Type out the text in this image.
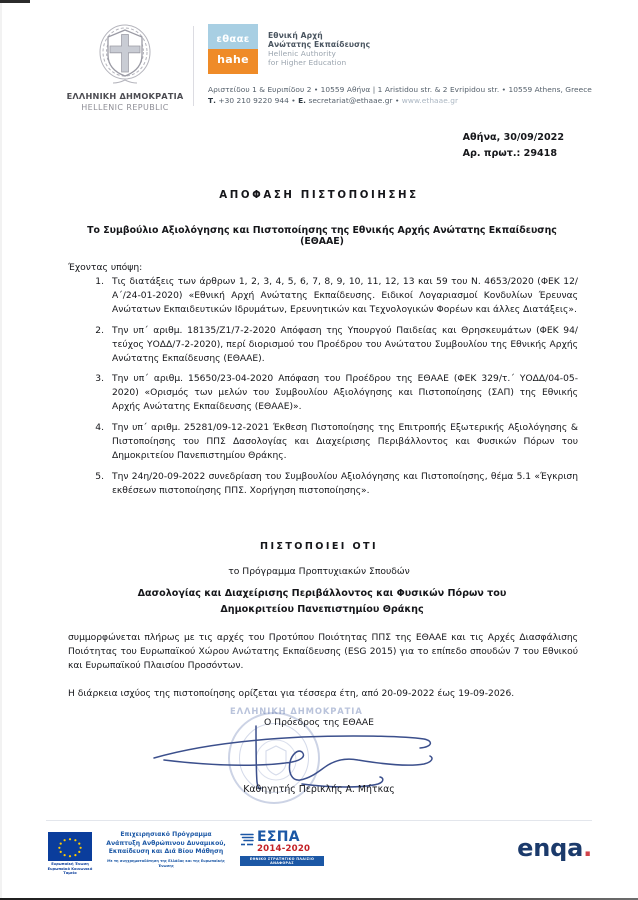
ΕΛΛΗΝΙΚΗ ΔΗΜΟΚΡΑΤΙΑ
HELLENIC REPUBLIC
εθααε
hahe
Εθνική Αρχή
Ανώτατης Εκπαίδευσης
Hellenic Authority
for Higher Education
Αριστείδου 1 & Ευριπίδου 2 • 10559 Αθήνα | 1 Aristidou str. & 2 Evripidou str. • 10559 Athens, Greece
Τ. +30 210 9220 944 • E. secretariat@ethaae.gr • www.ethaae.gr
Αθήνα, 30/09/2022
Αρ. πρωτ.: 29418
ΑΠΟΦΑΣΗ ΠΙΣΤΟΠΟΙΗΣΗΣ
Το Συμβούλιο Αξιολόγησης και Πιστοποίησης της Εθνικής Αρχής Ανώτατης Εκπαίδευσης (ΕΘΑΑΕ)
Έχοντας υπόψη:
Τις διατάξεις των άρθρων 1, 2, 3, 4, 5, 6, 7, 8, 9, 10, 11, 12, 13 και 59 του Ν. 4653/2020 (ΦΕΚ 12/Α΄/24-01-2020) «Εθνική Αρχή Ανώτατης Εκπαίδευσης. Ειδικοί Λογαριασμοί Κονδυλίων Έρευνας Ανώτατων Εκπαιδευτικών Ιδρυμάτων, Ερευνητικών και Τεχνολογικών Φορέων και άλλες Διατάξεις».
Την υπ΄ αριθμ. 18135/Ζ1/7-2-2020 Απόφαση της Υπουργού Παιδείας και Θρησκευμάτων (ΦΕΚ 94/τεύχος ΥΟΔΔ/7-2-2020), περί διορισμού του Προέδρου του Ανώτατου Συμβουλίου της Εθνικής Αρχής Ανώτατης Εκπαίδευσης (ΕΘΑΑΕ).
Την υπ΄ αριθμ. 15650/23-04-2020 Απόφαση του Προέδρου της ΕΘΑΑΕ (ΦΕΚ 329/τ.΄ ΥΟΔΔ/04-05-2020) «Ορισμός των μελών του Συμβουλίου Αξιολόγησης και Πιστοποίησης (ΣΑΠ) της Εθνικής Αρχής Ανώτατης Εκπαίδευσης (ΕΘΑΑΕ)».
Την υπ΄ αριθμ. 25281/09-12-2021 Έκθεση Πιστοποίησης της Επιτροπής Εξωτερικής Αξιολόγησης & Πιστοποίησης του ΠΠΣ Δασολογίας και Διαχείρισης Περιβάλλοντος και Φυσικών Πόρων του Δημοκριτείου Πανεπιστημίου Θράκης.
Την 24η/20-09-2022 συνεδρίαση του Συμβουλίου Αξιολόγησης και Πιστοποίησης, θέμα 5.1 «Έγκριση εκθέσεων πιστοποίησης ΠΠΣ. Χορήγηση πιστοποίησης».
ΠΙΣΤΟΠΟΙΕΙ ΟΤΙ
το Πρόγραμμα Προπτυχιακών Σπουδών
Δασολογίας και Διαχείρισης Περιβάλλοντος και Φυσικών Πόρων του Δημοκριτείου Πανεπιστημίου Θράκης
συμμορφώνεται πλήρως με τις αρχές του Προτύπου Ποιότητας ΠΠΣ της ΕΘΑΑΕ και τις Αρχές Διασφάλισης Ποιότητας του Ευρωπαϊκού Χώρου Ανώτατης Εκπαίδευσης (ESG 2015) για το επίπεδο σπουδών 7 του Εθνικού και Ευρωπαϊκού Πλαισίου Προσόντων.
Η διάρκεια ισχύος της πιστοποίησης ορίζεται για τέσσερα έτη, από 20-09-2022 έως 19-09-2026.
ΕΛΛΗΝΙΚΗ ΔΗΜΟΚΡΑΤΙΑ
Ο Πρόεδρος της ΕΘΑΑΕ
Καθηγητής Περικλής Α. Μήτκας
Ευρωπαϊκή Ένωση Ευρωπαϊκό Κοινωνικό Ταμείο
Επιχειρησιακό Πρόγραμμα
Ανάπτυξη Ανθρώπινου Δυναμικού,
Εκπαίδευση και Διά Βίου Μάθηση
Με τη συγχρηματοδότηση της Ελλάδας και της Ευρωπαϊκής Ένωσης
ΕΣΠΑ
2014-2020
ΕΘΝΙΚΟ ΣΤΡΑΤΗΓΙΚΟ ΠΛΑΙΣΙΟ ΑΝΑΦΟΡΑΣ
enqa.
